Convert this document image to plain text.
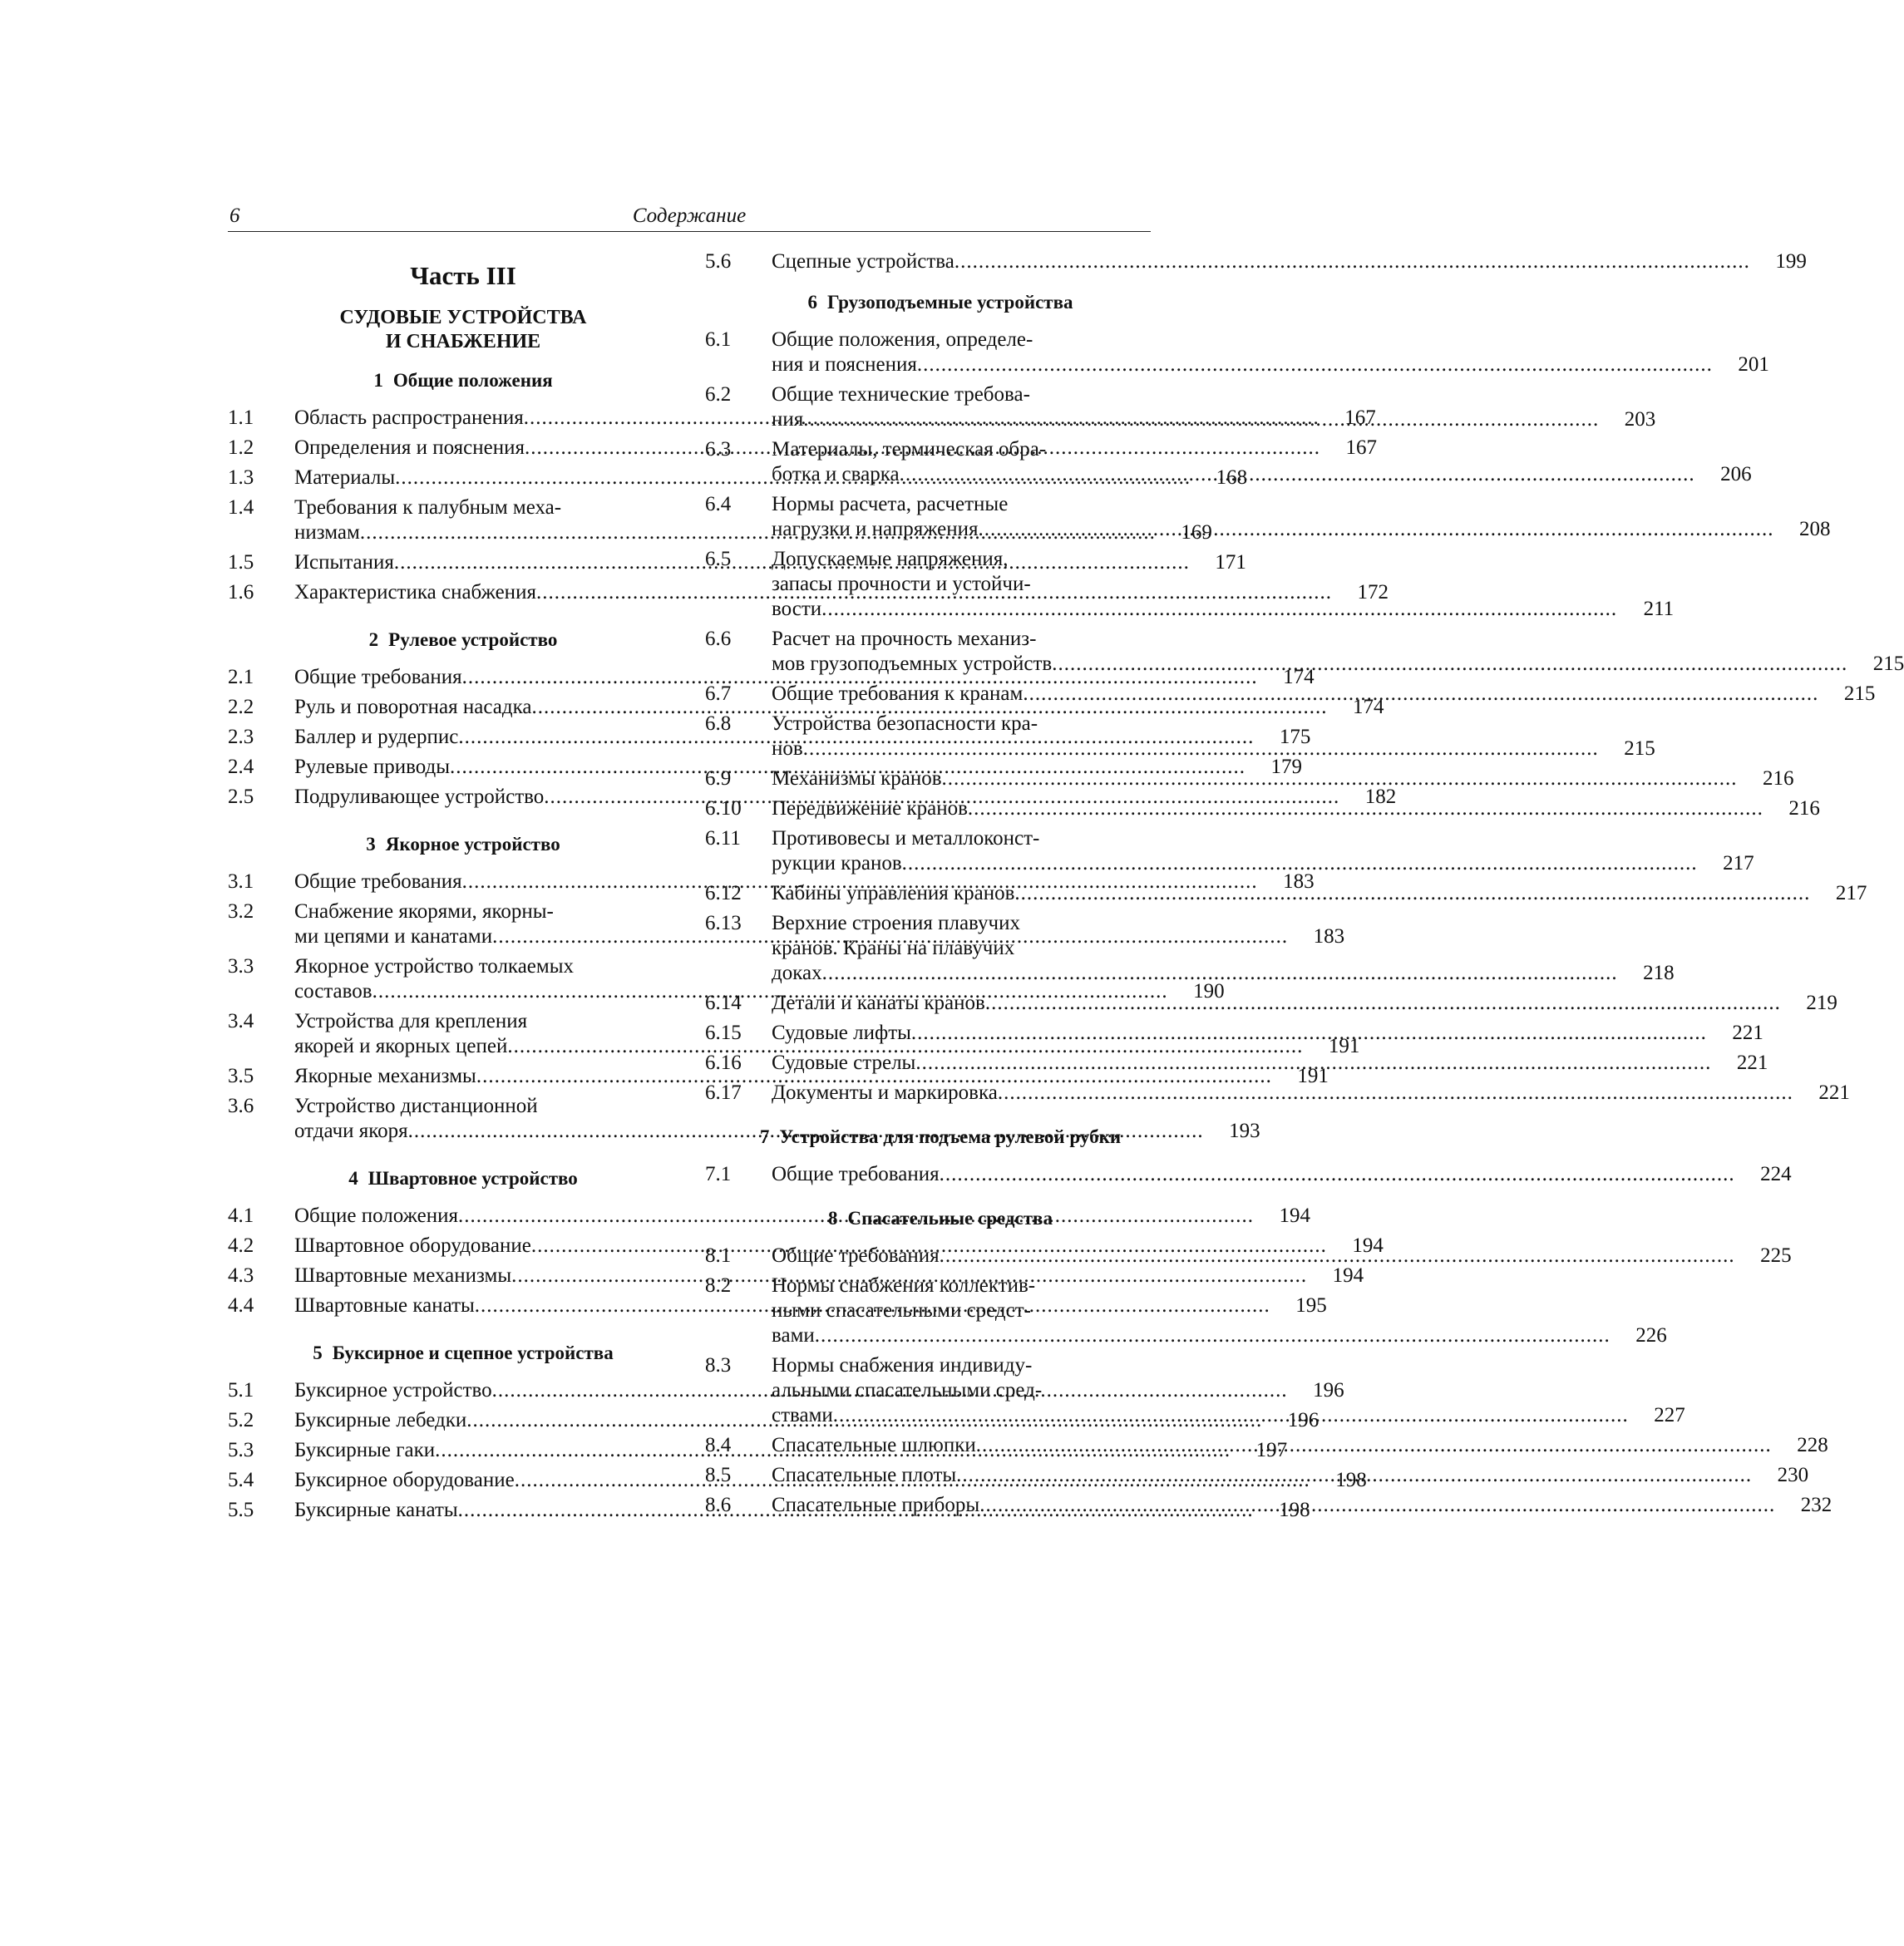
6	Содержание
Часть III
СУДОВЫЕ УСТРОЙСТВА
И СНАБЖЕНИЕ
1 Общие положения
1.1	Область распространения .....	167
1.2	Определения и пояснения .....	167
1.3	Материалы .....	168
1.4	Требования к палубным меха-
низмам .....	169
1.5	Испытания .....	171
1.6	Характеристика снабжения .....	172
2 Рулевое устройство
2.1	Общие требования .....	174
2.2	Руль и поворотная насадка .....	174
2.3	Баллер и рудерпис .....	175
2.4	Рулевые приводы .....	179
2.5	Подруливающее устройство .....	182
3 Якорное устройство
3.1	Общие требования .....	183
3.2	Снабжение якорями, якорны-
ми цепями и канатами .....	183
3.3	Якорное устройство толкаемых
составов .....	190
3.4	Устройства для крепления
якорей и якорных цепей .....	191
3.5	Якорные механизмы .....	191
3.6	Устройство дистанционной
отдачи якоря .....	193
4 Швартовное устройство
4.1	Общие положения .....	194
4.2	Швартовное оборудование .....	194
4.3	Швартовные механизмы .....	194
4.4	Швартовные канаты .....	195
5 Буксирное и сцепное устройства
5.1	Буксирное устройство .....	196
5.2	Буксирные лебедки .....	196
5.3	Буксирные гаки .....	197
5.4	Буксирное оборудование .....	198
5.5	Буксирные канаты .....	198
5.6	Сцепные устройства .....	199
6 Грузоподъемные устройства
6.1	Общие положения, определе-
ния и пояснения .....	201
6.2	Общие технические требова-
ния .....	203
6.3	Материалы, термическая обра-
ботка и сварка .....	206
6.4	Нормы расчета, расчетные
нагрузки и напряжения .....	208
6.5	Допускаемые напряжения,
запасы прочности и устойчи-
вости .....	211
6.6	Расчет на прочность механиз-
мов грузоподъемных устройств .....	215
6.7	Общие требования к кранам .....	215
6.8	Устройства безопасности кра-
нов .....	215
6.9	Механизмы кранов .....	216
6.10	Передвижение кранов .....	216
6.11	Противовесы и металлоконст-
рукции кранов .....	217
6.12	Кабины управления кранов .....	217
6.13	Верхние строения плавучих
кранов. Краны на плавучих
доках .....	218
6.14	Детали и канаты кранов .....	219
6.15	Судовые лифты .....	221
6.16	Судовые стрелы .....	221
6.17	Документы и маркировка .....	221
7 Устройства для подъема рулевой рубки
7.1	Общие требования .....	224
8 Спасательные средства
8.1	Общие требования .....	225
8.2	Нормы снабжения коллектив-
ными спасательными средст-
вами .....	226
8.3	Нормы снабжения индивиду-
альными спасательными сред-
ствами .....	227
8.4	Спасательные шлюпки .....	228
8.5	Спасательные плоты .....	230
8.6	Спасательные приборы .....	232
